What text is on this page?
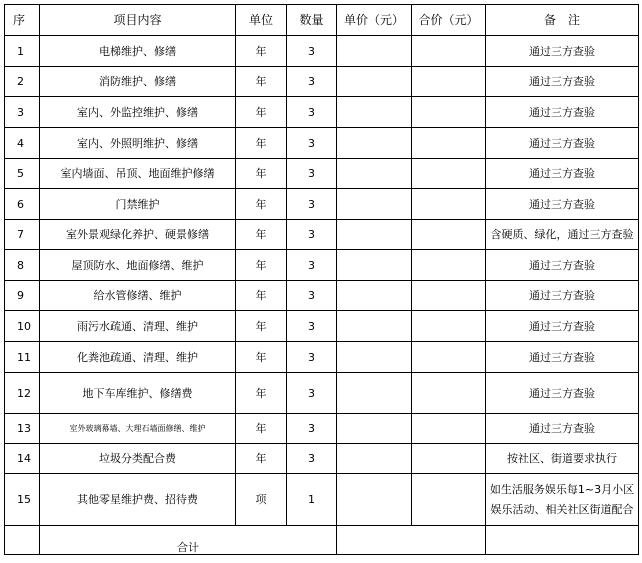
序	项目内容	单位	数量	单价（元）	合价（元）	备　注
1	电梯维护、修缮	年	3			通过三方查验
2	消防维护、修缮	年	3			通过三方查验
3	室内、外监控维护、修缮	年	3			通过三方查验
4	室内、外照明维护、修缮	年	3			通过三方查验
5	室内墙面、吊顶、地面维护修缮	年	3			通过三方查验
6	门禁维护	年	3			通过三方查验
7	室外景观绿化养护、硬景修缮	年	3			含硬质、绿化，通过三方查验
8	屋顶防水、地面修缮、维护	年	3			通过三方查验
9	给水管修缮、维护	年	3			通过三方查验
10	雨污水疏通、清理、维护	年	3			通过三方查验
11	化粪池疏通、清理、维护	年	3			通过三方查验
12	地下车库维护、修缮费	年	3			通过三方查验
13	室外玻璃幕墙、大理石墙面修缮、维护	年	3			通过三方查验
14	垃圾分类配合费	年	3			按社区、街道要求执行
15	其他零星维护费、招待费	项	1			如生活服务娱乐每1~3月小区娱乐活动、相关社区街道配合
	合计					
